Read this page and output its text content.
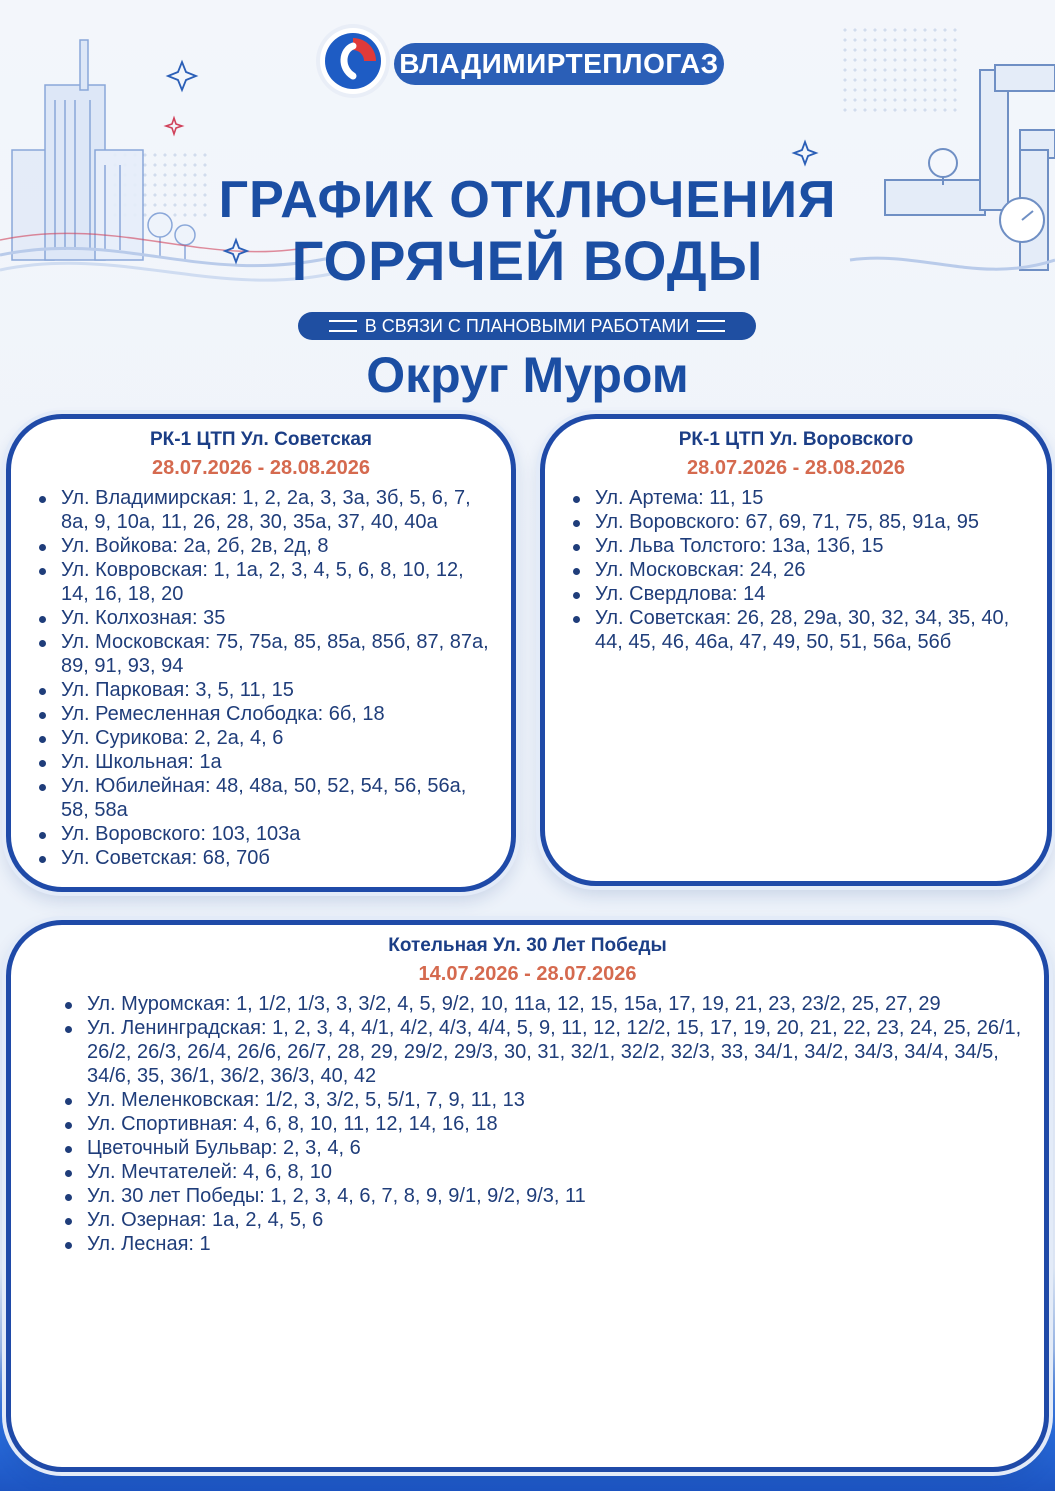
ВЛАДИМИРТЕПЛОГАЗ
ГРАФИК ОТКЛЮЧЕНИЯ
ГОРЯЧЕЙ ВОДЫ
В СВЯЗИ С ПЛАНОВЫМИ РАБОТАМИ
Округ Муром
РК-1 ЦТП Ул. Советская
28.07.2026 - 28.08.2026
Ул. Владимирская: 1, 2, 2а, 3, 3а, 3б, 5, 6, 7, 8а, 9, 10а, 11, 26, 28, 30, 35а, 37, 40, 40а
Ул. Войкова: 2а, 2б, 2в, 2д, 8
Ул. Ковровская: 1, 1а, 2, 3, 4, 5, 6, 8, 10, 12, 14, 16, 18, 20
Ул. Колхозная: 35
Ул. Московская: 75, 75а, 85, 85а, 85б, 87, 87а, 89, 91, 93, 94
Ул. Парковая: 3, 5, 11, 15
Ул. Ремесленная Слободка: 6б, 18
Ул. Сурикова: 2, 2а, 4, 6
Ул. Школьная: 1а
Ул. Юбилейная: 48, 48а, 50, 52, 54, 56, 56а, 58, 58а
Ул. Воровского: 103, 103а
Ул. Советская: 68, 70б
РК-1 ЦТП Ул. Воровского
28.07.2026 - 28.08.2026
Ул. Артема: 11, 15
Ул. Воровского: 67, 69, 71, 75, 85, 91а, 95
Ул. Льва Толстого: 13а, 13б, 15
Ул. Московская: 24, 26
Ул. Свердлова: 14
Ул. Советская: 26, 28, 29а, 30, 32, 34, 35, 40, 44, 45, 46, 46а, 47, 49, 50, 51, 56а, 56б
Котельная Ул. 30 Лет Победы
14.07.2026 - 28.07.2026
Ул. Муромская: 1, 1/2, 1/3, 3, 3/2, 4, 5, 9/2, 10, 11а, 12, 15, 15а, 17, 19, 21, 23, 23/2, 25, 27, 29
Ул. Ленинградская: 1, 2, 3, 4, 4/1, 4/2, 4/3, 4/4, 5, 9, 11, 12, 12/2, 15, 17, 19, 20, 21, 22, 23, 24, 25, 26/1, 26/2, 26/3, 26/4, 26/6, 26/7, 28, 29, 29/2, 29/3, 30, 31, 32/1, 32/2, 32/3, 33, 34/1, 34/2, 34/3, 34/4, 34/5, 34/6, 35, 36/1, 36/2, 36/3, 40, 42
Ул. Меленковская: 1/2, 3, 3/2, 5, 5/1, 7, 9, 11, 13
Ул. Спортивная: 4, 6, 8, 10, 11, 12, 14, 16, 18
Цветочный Бульвар: 2, 3, 4, 6
Ул. Мечтателей: 4, 6, 8, 10
Ул. 30 лет Победы: 1, 2, 3, 4, 6, 7, 8, 9, 9/1, 9/2, 9/3, 11
Ул. Озерная: 1а, 2, 4, 5, 6
Ул. Лесная: 1
